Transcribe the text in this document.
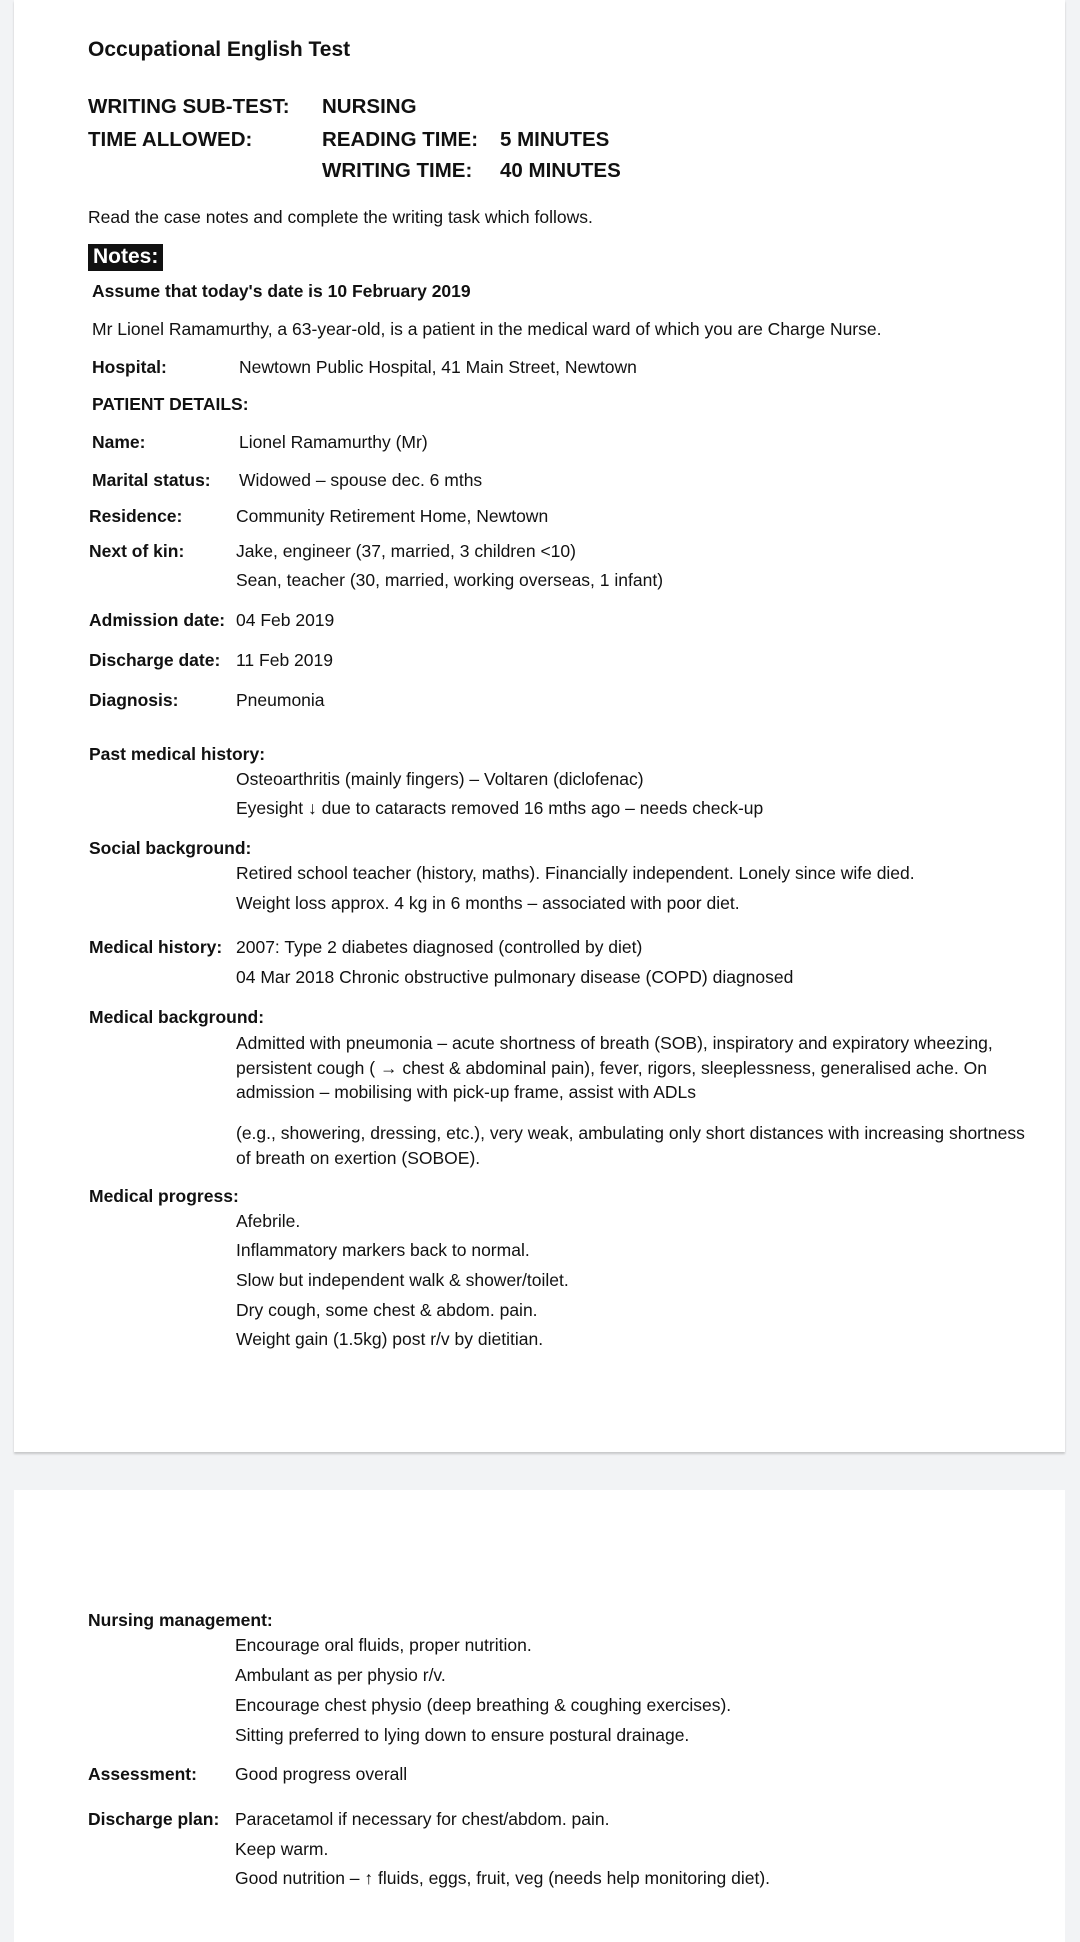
Occupational English Test
WRITING SUB-TEST: NURSING
TIME ALLOWED:	READING TIME: 5 MINUTES
WRITING TIME: 40 MINUTES
Read the case notes and complete the writing task which follows.
Notes:
Assume that today's date is 10 February 2019
Mr Lionel Ramamurthy, a 63-year-old, is a patient in the medical ward of which you are Charge Nurse.
Hospital:	Newtown Public Hospital, 41 Main Street, Newtown
PATIENT DETAILS:
Name:	Lionel Ramamurthy (Mr)
Marital status: Widowed – spouse dec. 6 mths
Residence:	Community Retirement Home, Newtown
Next of kin:	Jake, engineer (37, married, 3 children <10)
Sean, teacher (30, married, working overseas, 1 infant)
Admission date: 04 Feb 2019
Discharge date: 11 Feb 2019
Diagnosis:	Pneumonia
Past medical history:
Osteoarthritis (mainly fingers) – Voltaren (diclofenac)
Eyesight ↓ due to cataracts removed 16 mths ago – needs check-up
Social background:
Retired school teacher (history, maths). Financially independent. Lonely since wife died.
Weight loss approx. 4 kg in 6 months – associated with poor diet.
Medical history: 2007: Type 2 diabetes diagnosed (controlled by diet)
04 Mar 2018 Chronic obstructive pulmonary disease (COPD) diagnosed
Medical background:
Admitted with pneumonia – acute shortness of breath (SOB), inspiratory and expiratory wheezing, persistent cough ( → chest & abdominal pain), fever, rigors, sleeplessness, generalised ache. On admission – mobilising with pick-up frame, assist with ADLs
(e.g., showering, dressing, etc.), very weak, ambulating only short distances with increasing shortness of breath on exertion (SOBOE).
Medical progress:
Afebrile.
Inflammatory markers back to normal.
Slow but independent walk & shower/toilet.
Dry cough, some chest & abdom. pain.
Weight gain (1.5kg) post r/v by dietitian.
Nursing management:
Encourage oral fluids, proper nutrition.
Ambulant as per physio r/v.
Encourage chest physio (deep breathing & coughing exercises).
Sitting preferred to lying down to ensure postural drainage.
Assessment: Good progress overall
Discharge plan: Paracetamol if necessary for chest/abdom. pain.
Keep warm.
Good nutrition – ↑ fluids, eggs, fruit, veg (needs help monitoring diet).
